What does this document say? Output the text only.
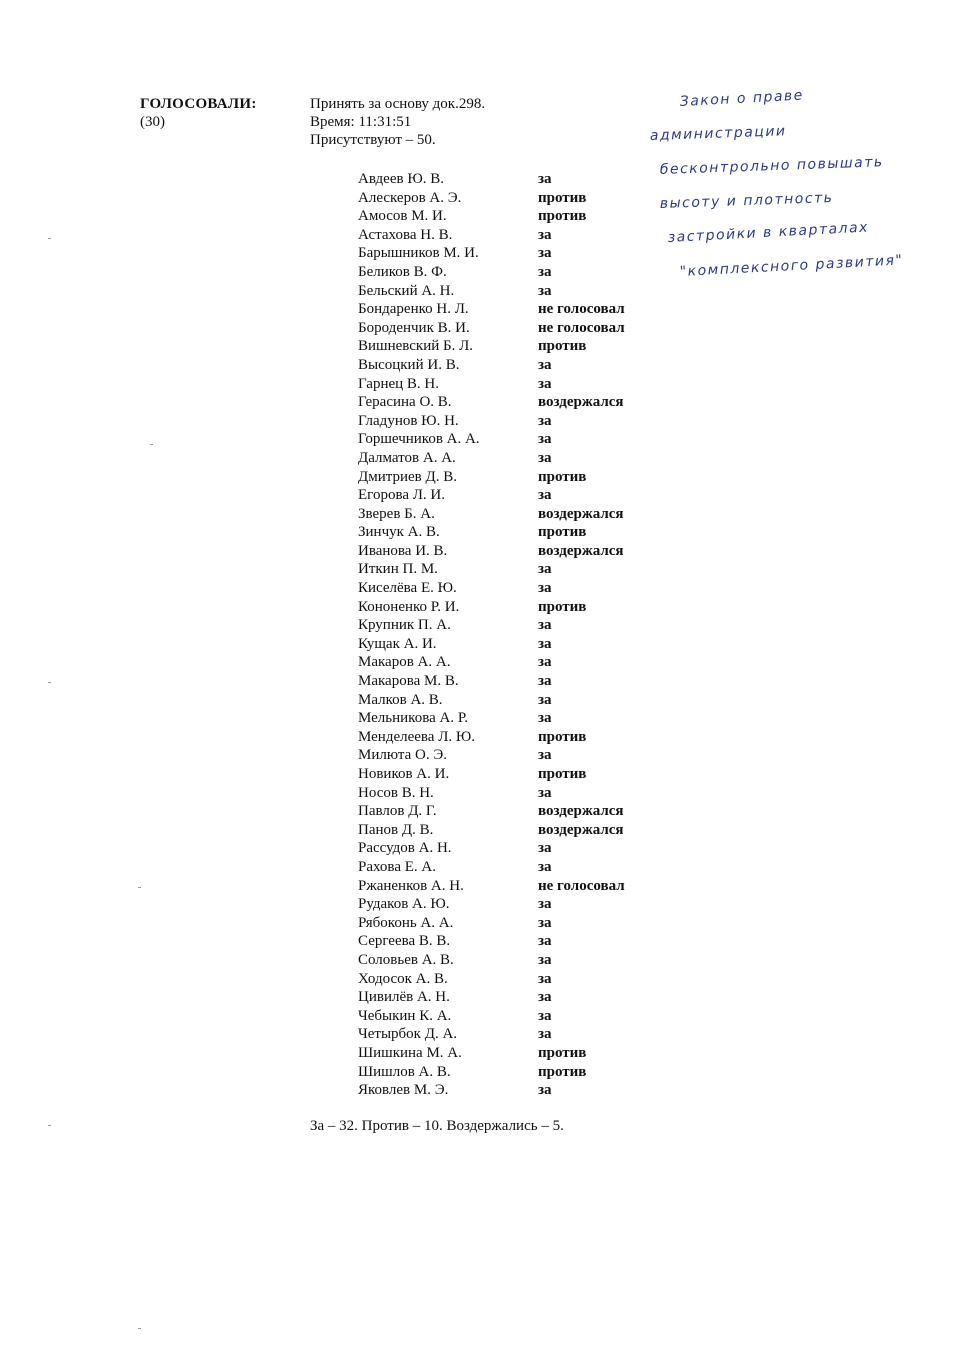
ГОЛОСОВАЛИ:
(30)
Принять за основу док.298.
Время: 11:31:51
Присутствуют – 50.
Авдеев Ю. В.	за
Алескеров А. Э.	против
Амосов М. И.	против
Астахова Н. В.	за
Барышников М. И.	за
Беликов В. Ф.	за
Бельский А. Н.	за
Бондаренко Н. Л.	не голосовал
Бороденчик В. И.	не голосовал
Вишневский Б. Л.	против
Высоцкий И. В.	за
Гарнец В. Н.	за
Герасина О. В.	воздержался
Гладунов Ю. Н.	за
Горшечников А. А.	за
Далматов А. А.	за
Дмитриев Д. В.	против
Егорова Л. И.	за
Зверев Б. А.	воздержался
Зинчук А. В.	против
Иванова И. В.	воздержался
Иткин П. М.	за
Киселёва Е. Ю.	за
Кононенко Р. И.	против
Крупник П. А.	за
Кущак А. И.	за
Макаров А. А.	за
Макарова М. В.	за
Малков А. В.	за
Мельникова А. Р.	за
Менделеева Л. Ю.	против
Милюта О. Э.	за
Новиков А. И.	против
Носов В. Н.	за
Павлов Д. Г.	воздержался
Панов Д. В.	воздержался
Рассудов А. Н.	за
Рахова Е. А.	за
Ржаненков А. Н.	не голосовал
Рудаков А. Ю.	за
Рябоконь А. А.	за
Сергеева В. В.	за
Соловьев А. В.	за
Ходосок А. В.	за
Цивилёв А. Н.	за
Чебыкин К. А.	за
Четырбок Д. А.	за
Шишкина М. А.	против
Шишлов А. В.	против
Яковлев М. Э.	за
За – 32. Против – 10. Воздержались – 5.
Закон о праве
администрации
бесконтрольно повышать
высоту и плотность
застройки в кварталах
"комплексного развития"
